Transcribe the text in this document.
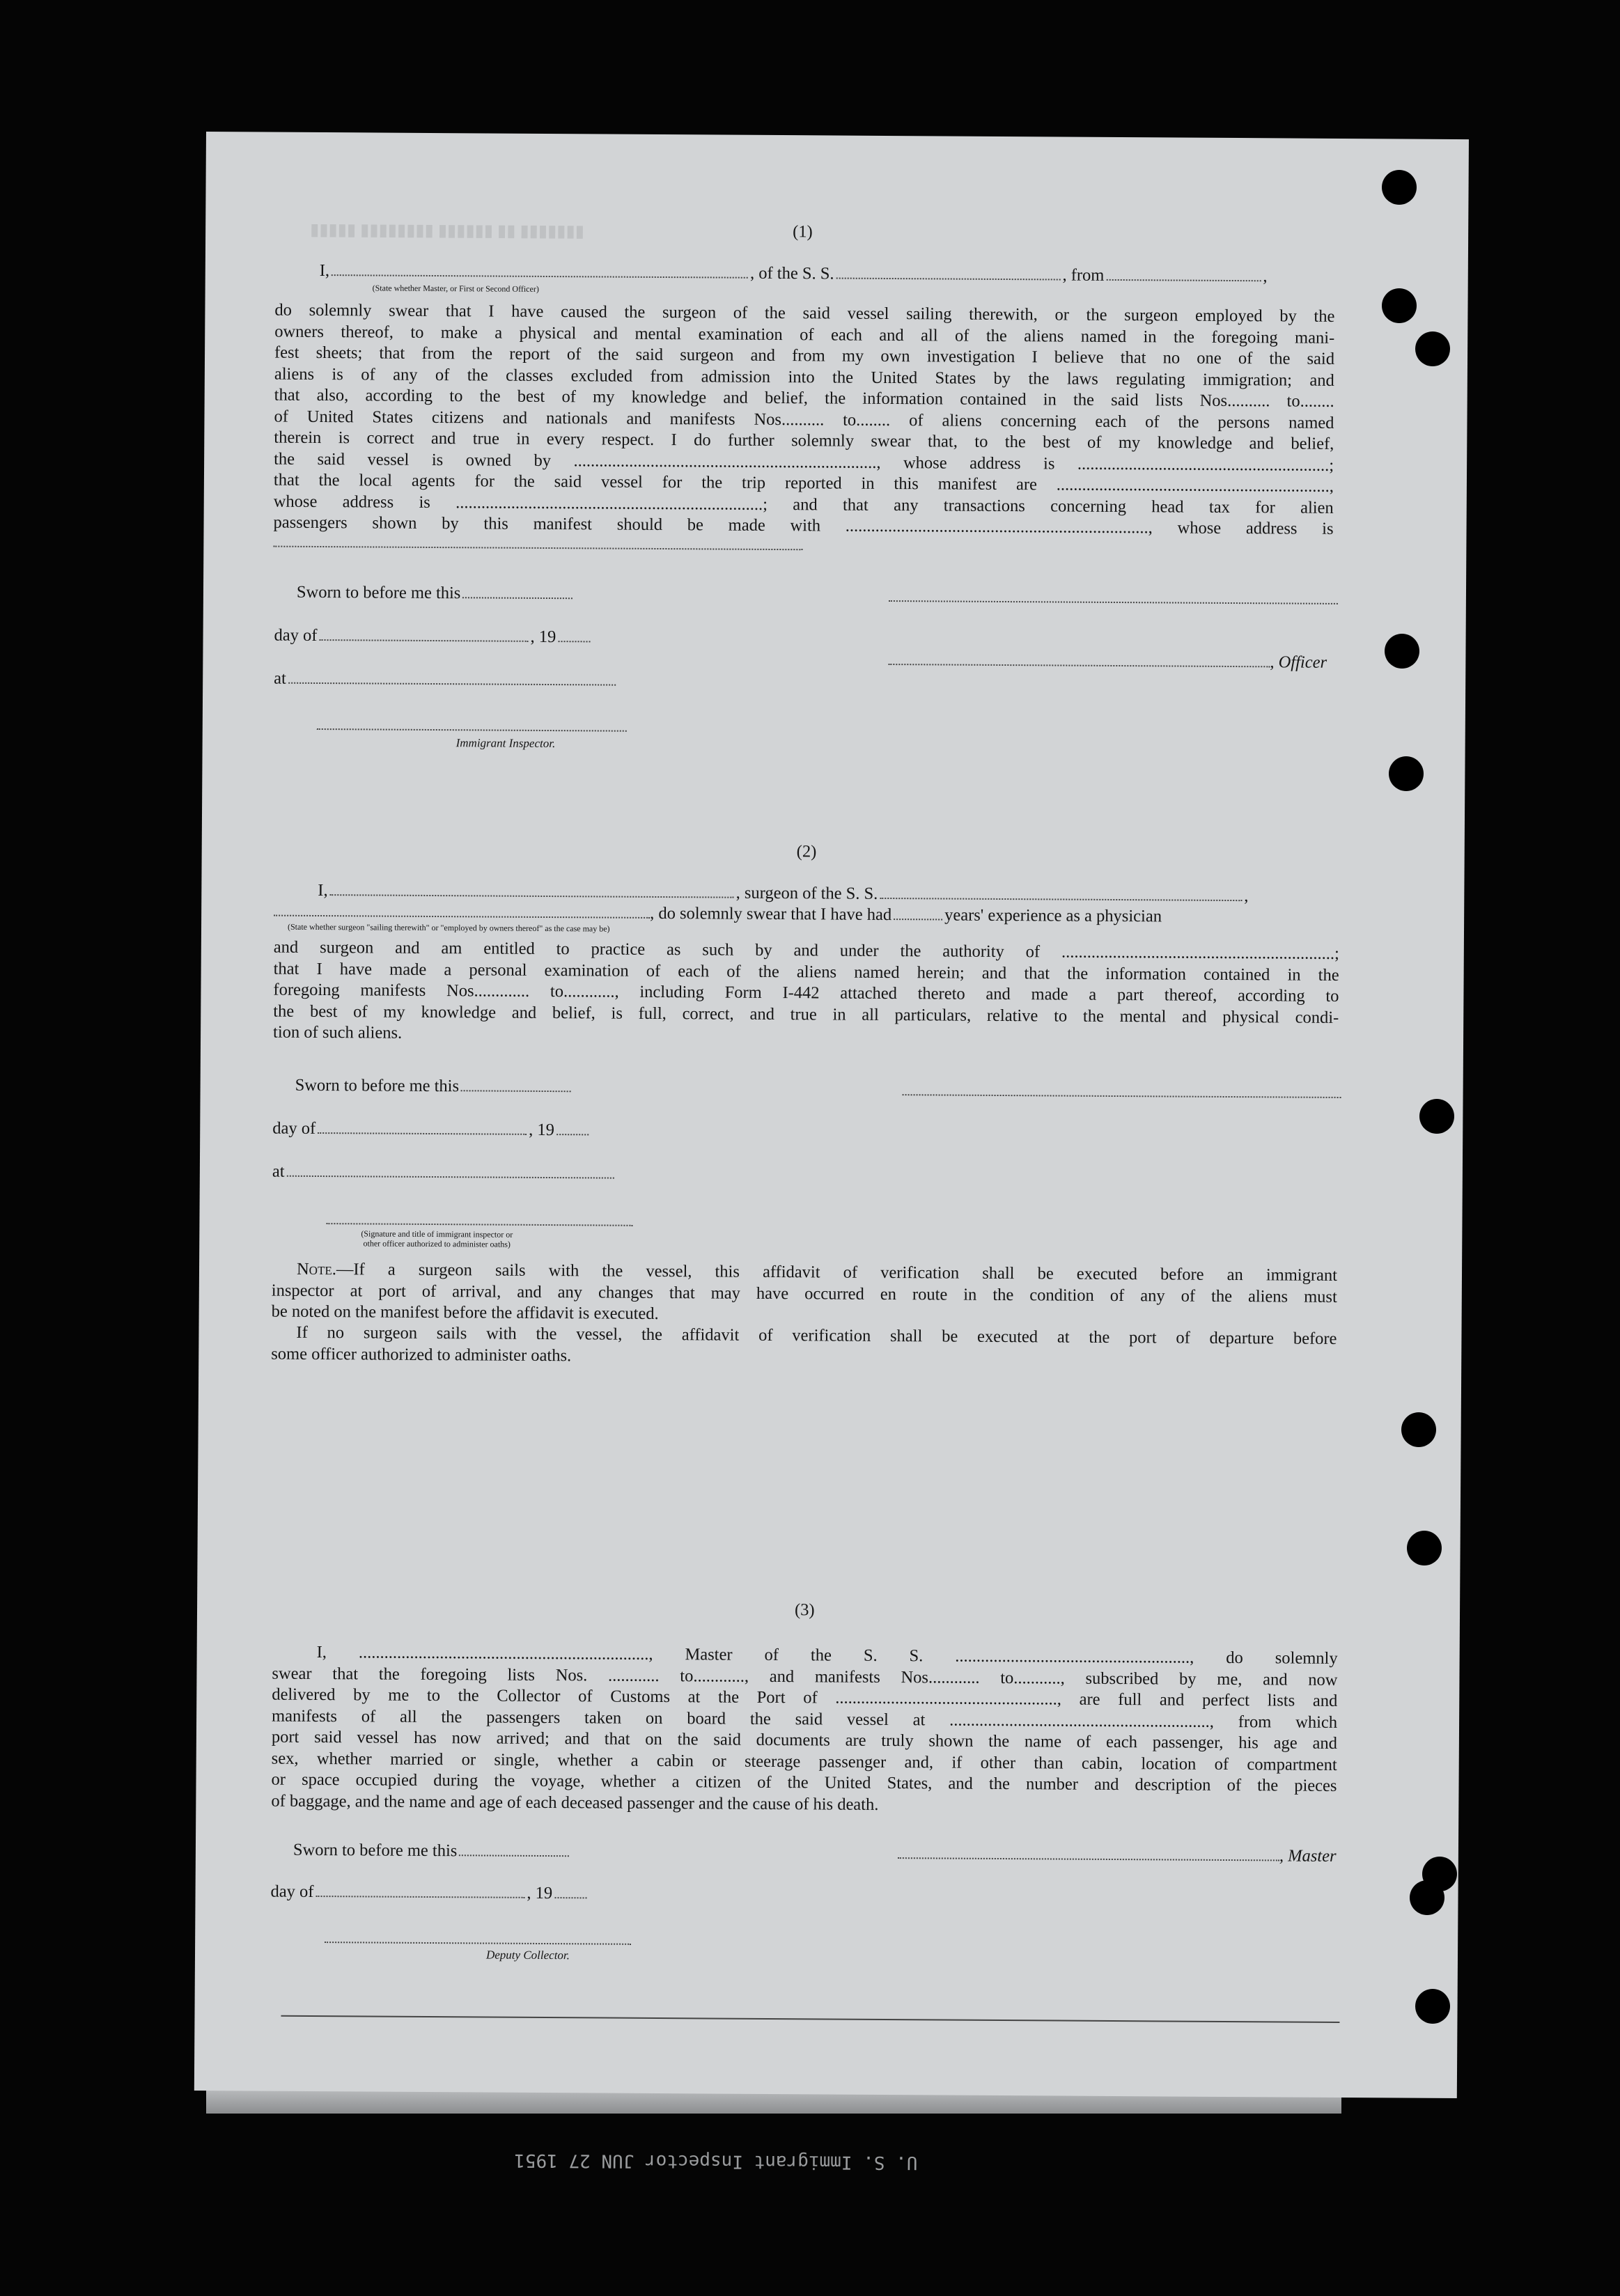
▮▮▮▮▮▮▮ ▮▮ ▮▮▮▮▮▮ ▮▮▮▮▮▮▮▮ ▮▮▮▮▮	(1)
I,	, of the S. S.	, from	,
(State whether Master, or First or Second Officer)
do solemnly swear that I have caused the surgeon of the said vessel sailing therewith, or the surgeon employed by the
owners thereof, to make a physical and mental examination of each and all of the aliens named in the foregoing mani-
fest sheets; that from the report of the said surgeon and from my own investigation I believe that no one of the said
aliens is of any of the classes excluded from admission into the United States by the laws regulating immigration; and
that also, according to the best of my knowledge and belief, the information contained in the said lists Nos.......... to........
of United States citizens and nationals and manifests Nos.......... to........ of aliens concerning each of the persons named
therein is correct and true in every respect. I do further solemnly swear that, to the best of my knowledge and belief,
the said vessel is owned by ......................................................................., whose address is ...........................................................;
that the local agents for the said vessel for the trip reported in this manifest are ................................................................,
whose address is ........................................................................; and that any transactions concerning head tax for alien
passengers shown by this manifest should be made with ......................................................................., whose address is
Sworn to before me this
day of	, 19
, Officer
at
Immigrant Inspector.
(2)
I,	, surgeon of the S. S.	,
, do solemnly swear that I have had	years' experience as a physician
(State whether surgeon "sailing therewith" or "employed by owners thereof" as the case may be)
and surgeon and am entitled to practice as such by and under the authority of ................................................................;
that I have made a personal examination of each of the aliens named herein; and that the information contained in the
foregoing manifests Nos............. to............, including Form I-442 attached thereto and made a part thereof, according to
the best of my knowledge and belief, is full, correct, and true in all particulars, relative to the mental and physical condi-
tion of such aliens.
Sworn to before me this
day of	, 19
at
(Signature and title of immigrant inspector or
other officer authorized to administer oaths)
Note.—If a surgeon sails with the vessel, this affidavit of verification shall be executed before an immigrant
inspector at port of arrival, and any changes that may have occurred en route in the condition of any of the aliens must
be noted on the manifest before the affidavit is executed.
If no surgeon sails with the vessel, the affidavit of verification shall be executed at the port of departure before
some officer authorized to administer oaths.
(3)
I, ...................................................................., Master of the S. S. ......................................................., do solemnly
swear that the foregoing lists Nos. ............ to............, and manifests Nos............ to..........., subscribed by me, and now
delivered by me to the Collector of Customs at the Port of ...................................................., are full and perfect lists and
manifests of all the passengers taken on board the said vessel at ............................................................., from which
port said vessel has now arrived; and that on the said documents are truly shown the name of each passenger, his age and
sex, whether married or single, whether a cabin or steerage passenger and, if other than cabin, location of compartment
or space occupied during the voyage, whether a citizen of the United States, and the number and description of the pieces
of baggage, and the name and age of each deceased passenger and the cause of his death.
Sworn to before me this	, Master
day of	, 19
Deputy Collector.
U. S. Immigrant Inspector JUN 27 1951
